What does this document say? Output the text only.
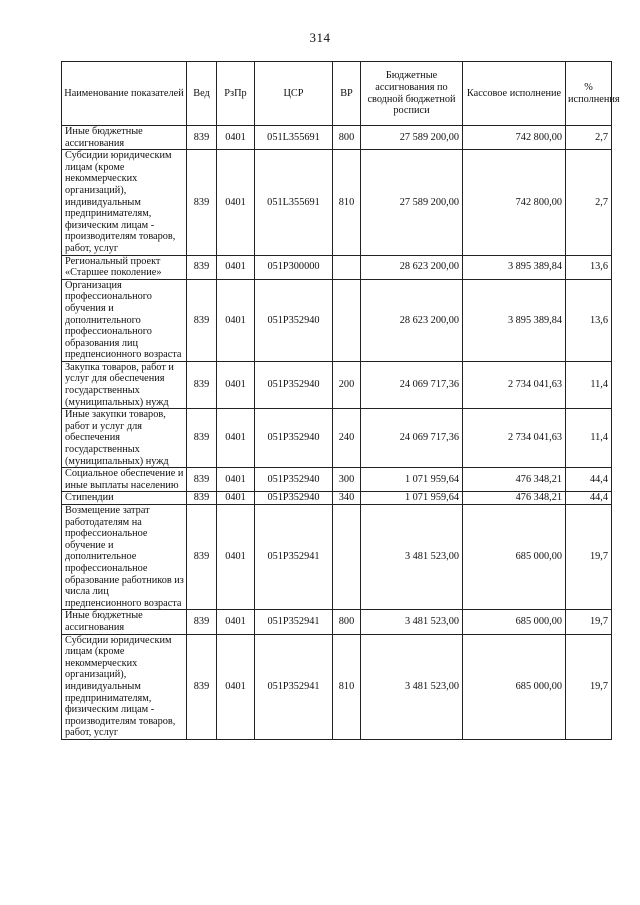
314
Наименование показателей	Вед	РзПр	ЦСР	ВР	Бюджетные ассигнования по сводной бюджетной росписи	Кассовое исполнение	% исполнения
Иные бюджетные ассигнования	839	0401	051L355691	800	27 589 200,00	742 800,00	2,7
Субсидии юридическим лицам (кроме некоммерческих организаций), индивидуальным предпринимателям, физическим лицам - производителям товаров, работ, услуг	839	0401	051L355691	810	27 589 200,00	742 800,00	2,7
Региональный проект «Старшее поколение»	839	0401	051P300000		28 623 200,00	3 895 389,84	13,6
Организация профессионального обучения и дополнительного профессионального образования лиц предпенсионного возраста	839	0401	051P352940		28 623 200,00	3 895 389,84	13,6
Закупка товаров, работ и услуг для обеспечения государственных (муниципальных) нужд	839	0401	051P352940	200	24 069 717,36	2 734 041,63	11,4
Иные закупки товаров, работ и услуг для обеспечения государственных (муниципальных) нужд	839	0401	051P352940	240	24 069 717,36	2 734 041,63	11,4
Социальное обеспечение и иные выплаты населению	839	0401	051P352940	300	1 071 959,64	476 348,21	44,4
Стипендии	839	0401	051P352940	340	1 071 959,64	476 348,21	44,4
Возмещение затрат работодателям на профессиональное обучение и дополнительное профессиональное образование работников из числа лиц предпенсионного возраста	839	0401	051P352941		3 481 523,00	685 000,00	19,7
Иные бюджетные ассигнования	839	0401	051P352941	800	3 481 523,00	685 000,00	19,7
Субсидии юридическим лицам (кроме некоммерческих организаций), индивидуальным предпринимателям, физическим лицам - производителям товаров, работ, услуг	839	0401	051P352941	810	3 481 523,00	685 000,00	19,7
